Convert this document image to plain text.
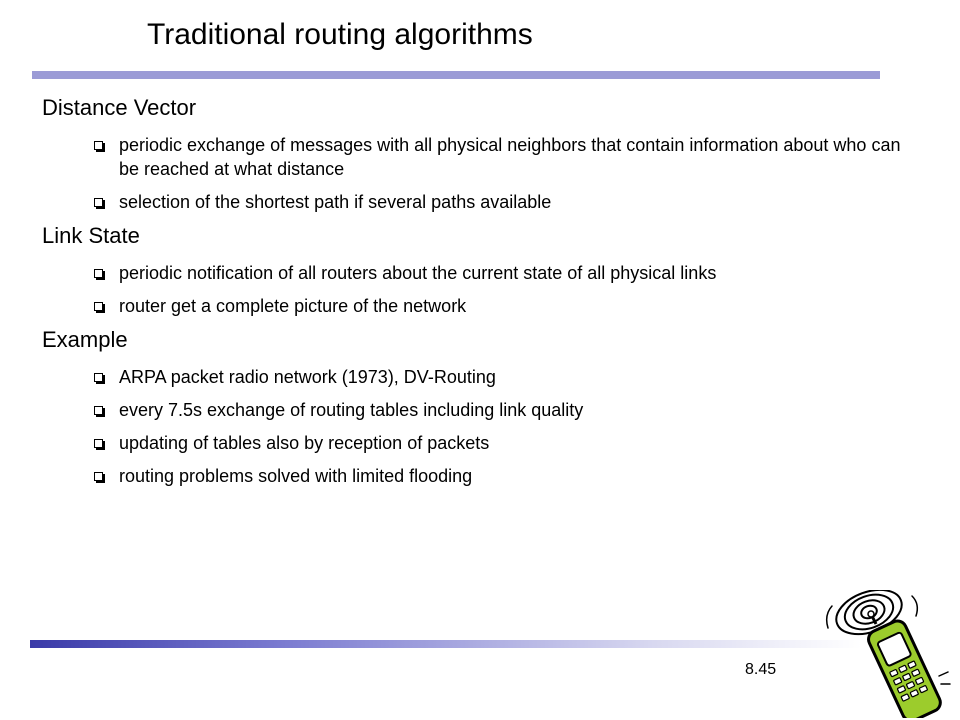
Traditional routing algorithms
Distance Vector
periodic exchange of messages with all physical neighbors that contain information about who can be reached at what distance
selection of the shortest path if several paths available
Link State
periodic notification of all routers about the current state of all physical links
router get a complete picture of the network
Example
ARPA packet radio network (1973), DV-Routing
every 7.5s exchange of routing tables including link quality
updating of tables also by reception of packets
routing problems solved with limited flooding
8.45
